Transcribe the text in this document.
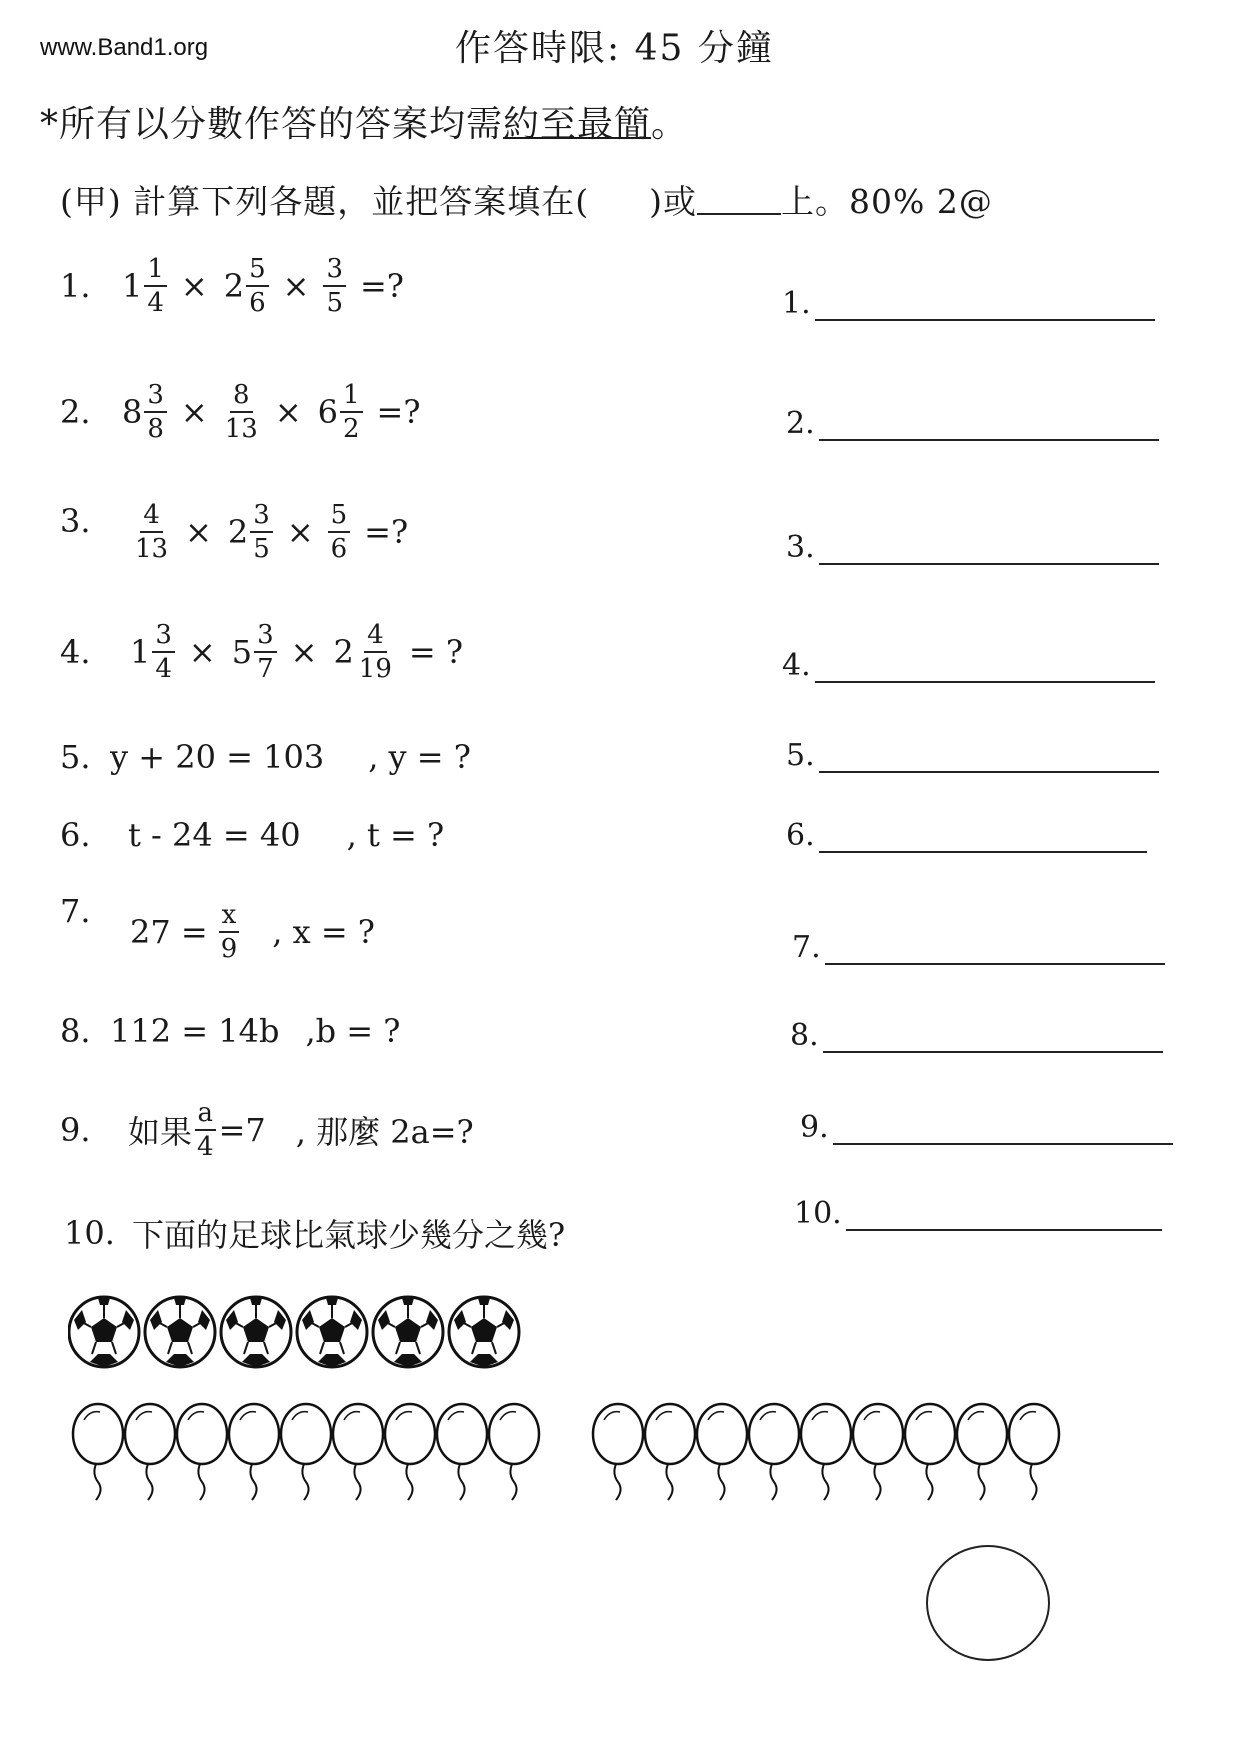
www.Band1.org	作答時限: 45 分鐘
*所有以分數作答的答案均需約至最簡。
(甲) 計算下列各題，並把答案填在( )或	上。80% 2@
1. $1 \frac{1}{4} \times 2 \frac{5}{6} \times \frac{3}{5}$ =?
2. $8 \frac{3}{8} \times \frac{8}{13} \times 6 \frac{1}{2}$ =?
3.	$\frac{4}{13} \times 2 \frac{3}{5} \times \frac{5}{6}$ =?
4.	$1 \frac{3}{4} \times 5 \frac{3}{7} \times 2 \frac{4}{19}$ = ?
5. y + 20 = 103 , y = ?
6.	t - 24 = 40 , t = ?
7.
$27 = \frac{x}{9}$ , x = ?
8. 112 = 14b ,b = ?
9.	如果 $\frac{a}{4} =7$ , 那麼 2a=?
10. 下面的足球比氣球少幾分之幾?
1.
2.
3.
4.
5.
6.
7.
8.
9.
10.
